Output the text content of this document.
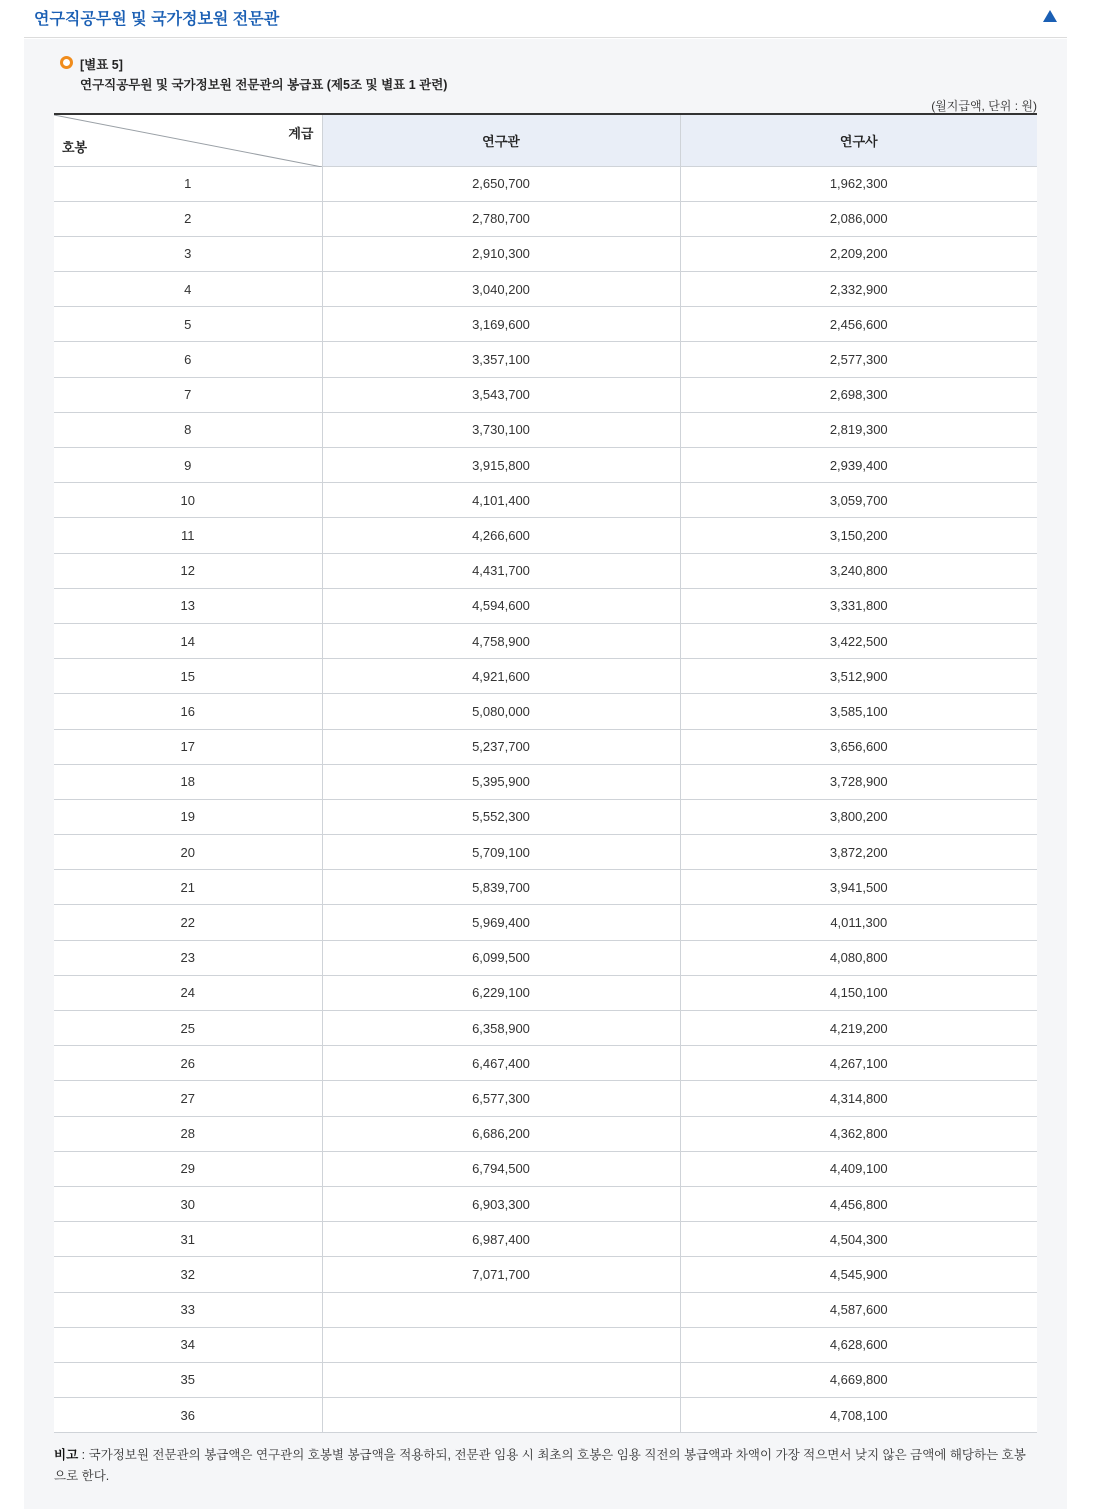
연구직공무원 및 국가정보원 전문관
[별표 5]
연구직공무원 및 국가정보원 전문관의 봉급표 (제5조 및 별표 1 관련)
(월지급액, 단위 : 원)
계급
호봉	연구관	연구사
1	2,650,700	1,962,300
2	2,780,700	2,086,000
3	2,910,300	2,209,200
4	3,040,200	2,332,900
5	3,169,600	2,456,600
6	3,357,100	2,577,300
7	3,543,700	2,698,300
8	3,730,100	2,819,300
9	3,915,800	2,939,400
10	4,101,400	3,059,700
11	4,266,600	3,150,200
12	4,431,700	3,240,800
13	4,594,600	3,331,800
14	4,758,900	3,422,500
15	4,921,600	3,512,900
16	5,080,000	3,585,100
17	5,237,700	3,656,600
18	5,395,900	3,728,900
19	5,552,300	3,800,200
20	5,709,100	3,872,200
21	5,839,700	3,941,500
22	5,969,400	4,011,300
23	6,099,500	4,080,800
24	6,229,100	4,150,100
25	6,358,900	4,219,200
26	6,467,400	4,267,100
27	6,577,300	4,314,800
28	6,686,200	4,362,800
29	6,794,500	4,409,100
30	6,903,300	4,456,800
31	6,987,400	4,504,300
32	7,071,700	4,545,900
33		4,587,600
34		4,628,600
35		4,669,800
36		4,708,100
비고 : 국가정보원 전문관의 봉급액은 연구관의 호봉별 봉급액을 적용하되, 전문관 임용 시 최초의 호봉은 임용 직전의 봉급액과 차액이 가장 적으면서 낮지 않은 금액에 해당하는 호봉으로 한다.
